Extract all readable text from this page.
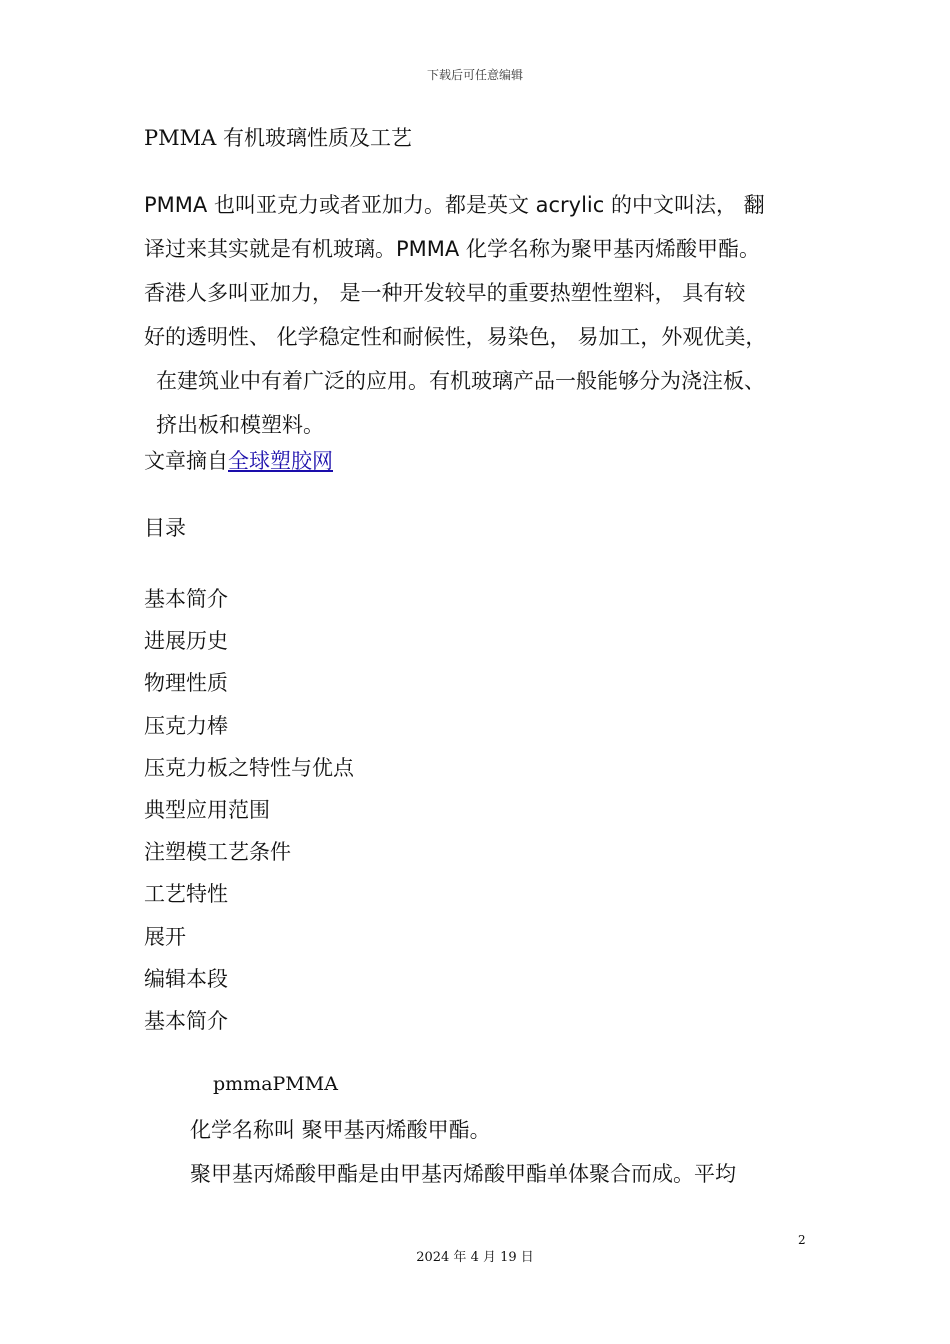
下载后可任意编辑
PMMA 有机玻璃性质及工艺
PMMA 也叫亚克力或者亚加力。都是英文 acrylic 的中文叫法， 翻
译过来其实就是有机玻璃。PMMA 化学名称为聚甲基丙烯酸甲酯。
香港人多叫亚加力， 是一种开发较早的重要热塑性塑料， 具有较
好的透明性、 化学稳定性和耐候性，易染色， 易加工，外观优美，
在建筑业中有着广泛的应用。有机玻璃产品一般能够分为浇注板、
挤出板和模塑料。
文章摘自全球塑胶网
目录
基本简介
进展历史
物理性质
压克力棒
压克力板之特性与优点
典型应用范围
注塑模工艺条件
工艺特性
展开
编辑本段
基本简介
pmmaPMMA
化学名称叫 聚甲基丙烯酸甲酯。
聚甲基丙烯酸甲酯是由甲基丙烯酸甲酯单体聚合而成。平均
2
2024 年 4 月 19 日
